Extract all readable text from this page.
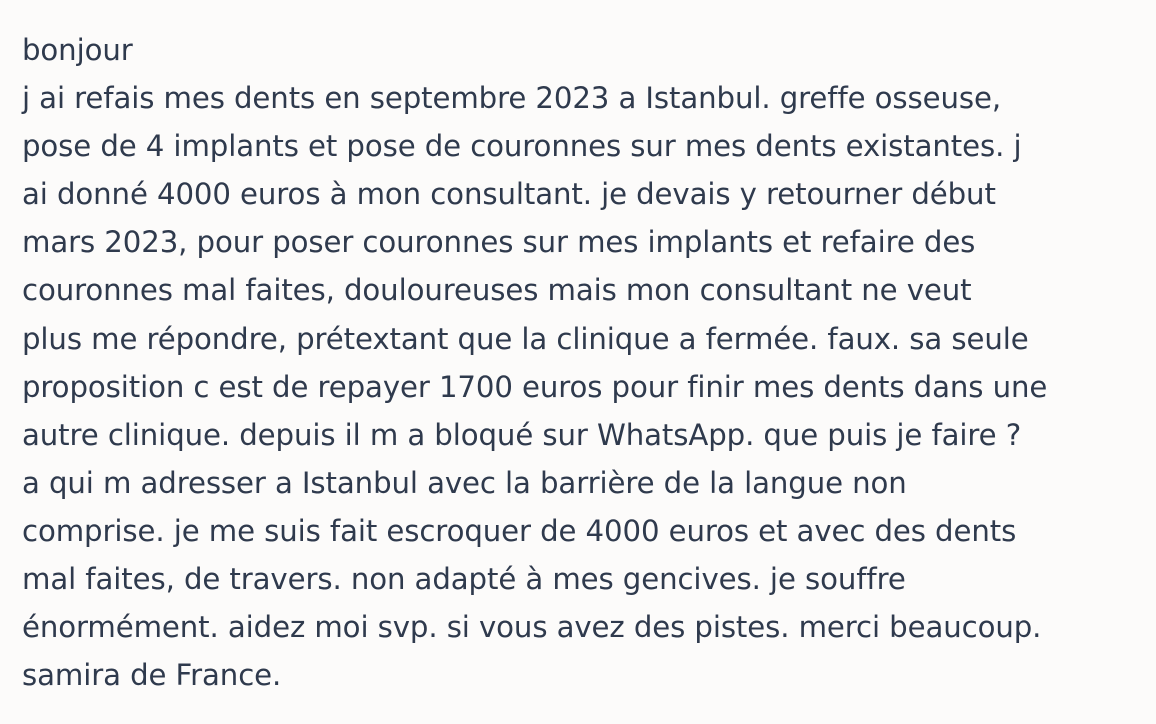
bonjour
j ai refais mes dents en septembre 2023 a Istanbul. greffe osseuse,
pose de 4 implants et pose de couronnes sur mes dents existantes. j
ai donné 4000 euros à mon consultant. je devais y retourner début
mars 2023, pour poser couronnes sur mes implants et refaire des
couronnes mal faites, douloureuses mais mon consultant ne veut
plus me répondre, prétextant que la clinique a fermée. faux. sa seule
proposition c est de repayer 1700 euros pour finir mes dents dans une
autre clinique. depuis il m a bloqué sur WhatsApp. que puis je faire ?
a qui m adresser a Istanbul avec la barrière de la langue non
comprise. je me suis fait escroquer de 4000 euros et avec des dents
mal faites, de travers. non adapté à mes gencives. je souffre
énormément. aidez moi svp. si vous avez des pistes. merci beaucoup.
samira de France.
